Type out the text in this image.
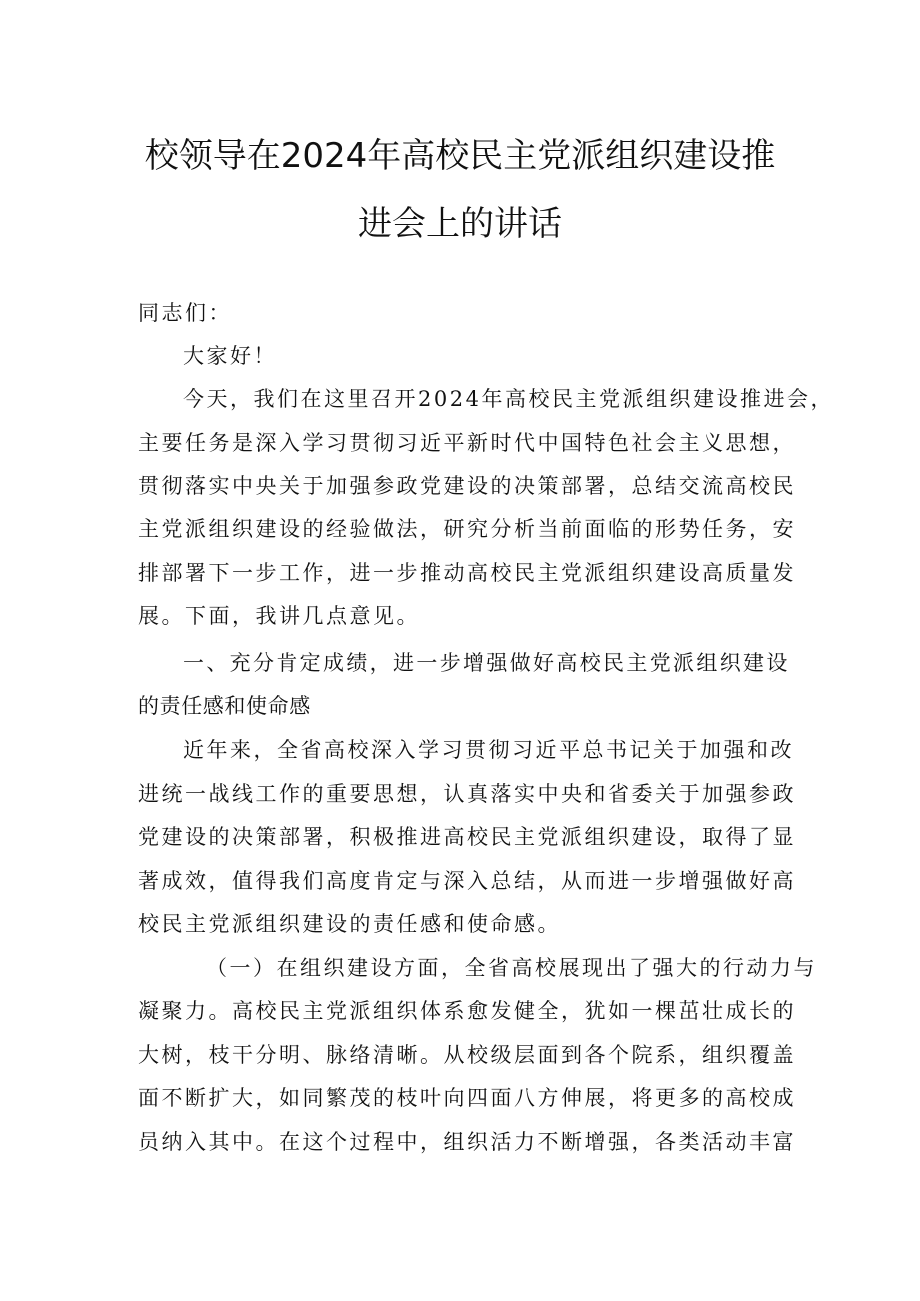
校领导在2024年高校民主党派组织建设推
进会上的讲话
同志们：
大家好！
今天，我们在这里召开2024年高校民主党派组织建设推进会，
主要任务是深入学习贯彻习近平新时代中国特色社会主义思想，
贯彻落实中央关于加强参政党建设的决策部署，总结交流高校民
主党派组织建设的经验做法，研究分析当前面临的形势任务，安
排部署下一步工作，进一步推动高校民主党派组织建设高质量发
展。下面，我讲几点意见。
一、充分肯定成绩，进一步增强做好高校民主党派组织建设
的责任感和使命感
近年来，全省高校深入学习贯彻习近平总书记关于加强和改
进统一战线工作的重要思想，认真落实中央和省委关于加强参政
党建设的决策部署，积极推进高校民主党派组织建设，取得了显
著成效，值得我们高度肯定与深入总结，从而进一步增强做好高
校民主党派组织建设的责任感和使命感。
（一）在组织建设方面，全省高校展现出了强大的行动力与
凝聚力。高校民主党派组织体系愈发健全，犹如一棵茁壮成长的
大树，枝干分明、脉络清晰。从校级层面到各个院系，组织覆盖
面不断扩大，如同繁茂的枝叶向四面八方伸展，将更多的高校成
员纳入其中。在这个过程中，组织活力不断增强，各类活动丰富
